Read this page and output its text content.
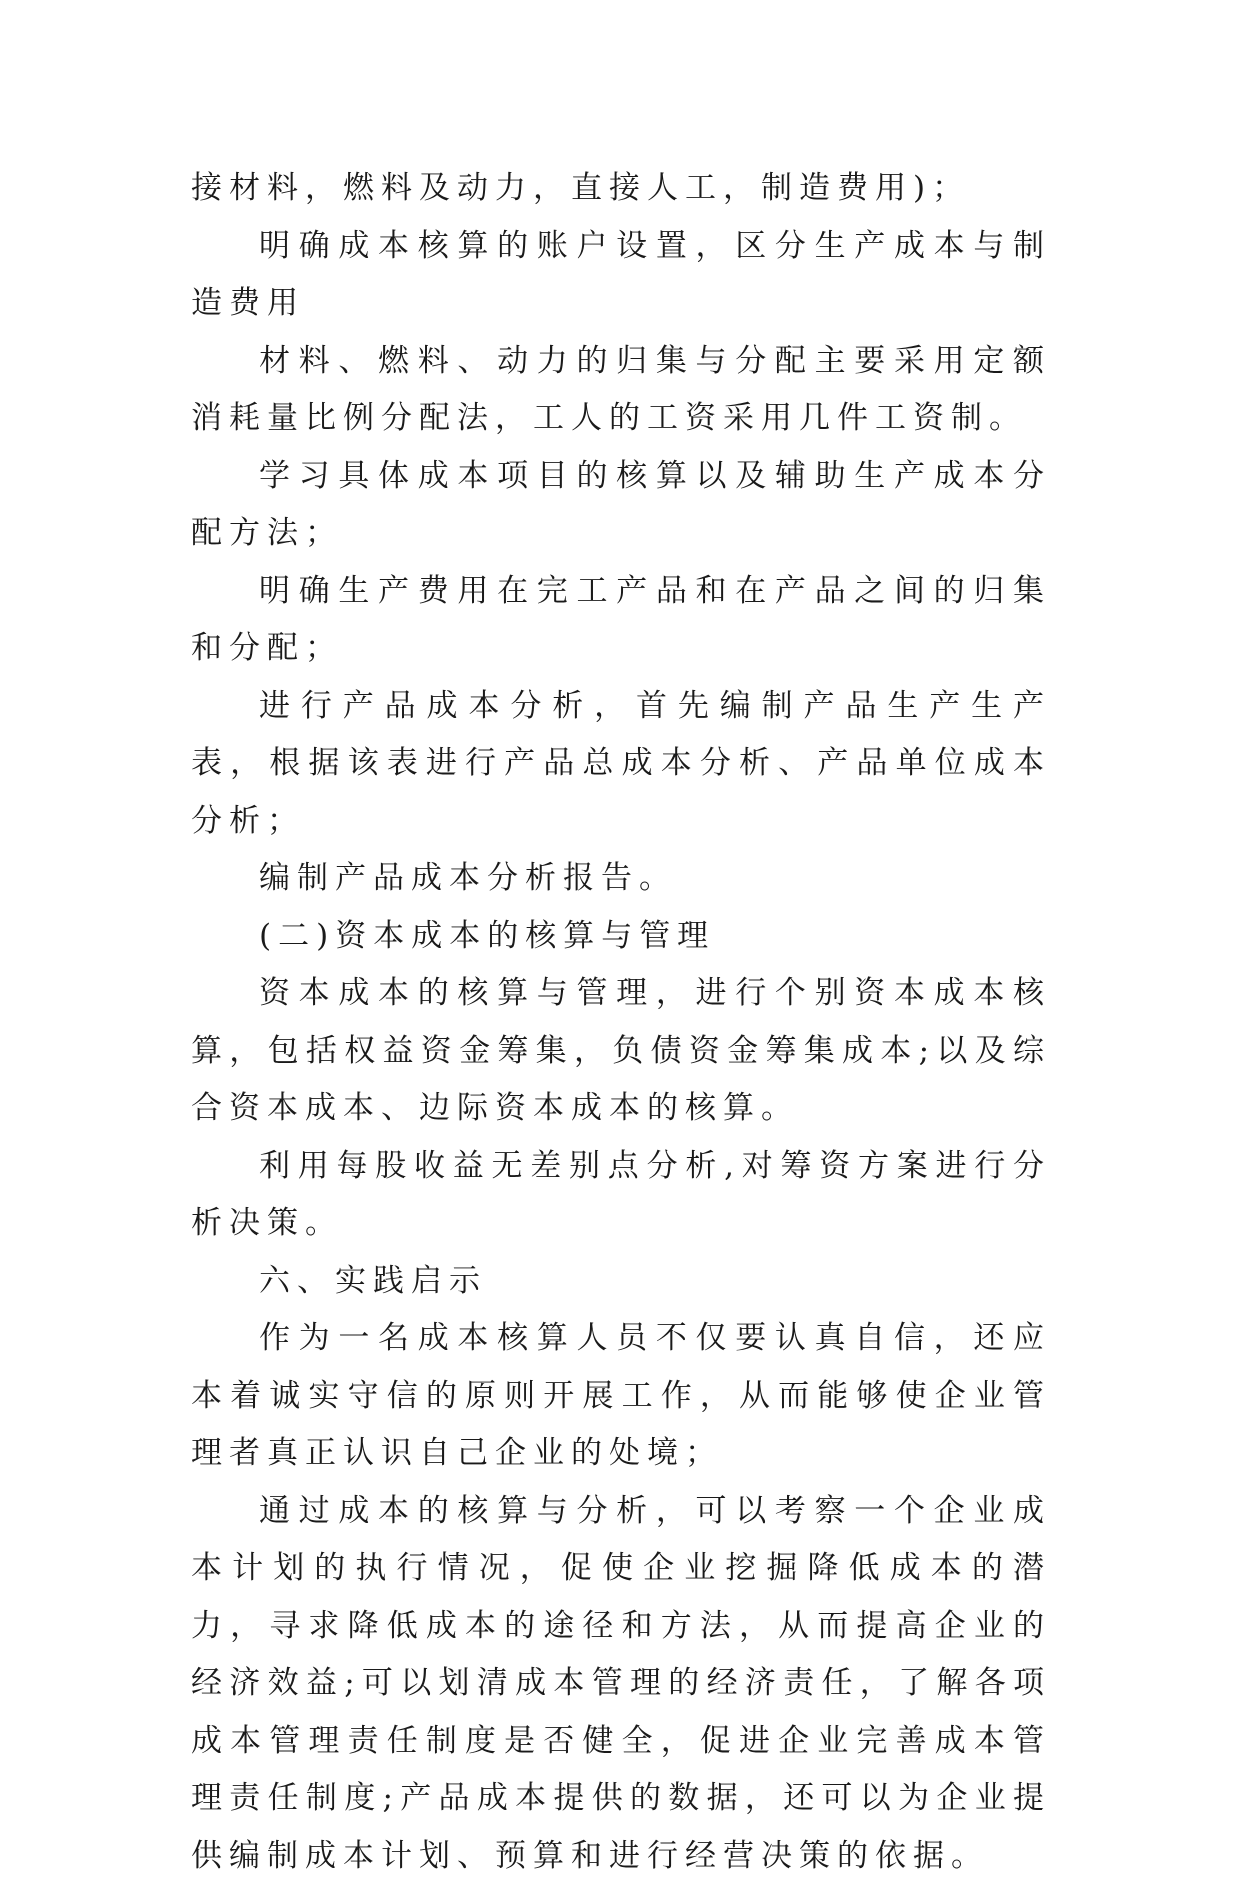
接材料，燃料及动力，直接人工，制造费用)；

明确成本核算的账户设置，区分生产成本与制造费用

材料、燃料、动力的归集与分配主要采用定额消耗量比例分配法，工人的工资采用几件工资制。

学习具体成本项目的核算以及辅助生产成本分配方法；

明确生产费用在完工产品和在产品之间的归集和分配；

进行产品成本分析，首先编制产品生产生产表，根据该表进行产品总成本分析、产品单位成本分析；

编制产品成本分析报告。

(二)资本成本的核算与管理

资本成本的核算与管理，进行个别资本成本核算，包括权益资金筹集，负债资金筹集成本;以及综合资本成本、边际资本成本的核算。

利用每股收益无差别点分析,对筹资方案进行分析决策。

六、实践启示

作为一名成本核算人员不仅要认真自信，还应本着诚实守信的原则开展工作，从而能够使企业管理者真正认识自己企业的处境；

通过成本的核算与分析，可以考察一个企业成本计划的执行情况，促使企业挖掘降低成本的潜力，寻求降低成本的途径和方法，从而提高企业的经济效益;可以划清成本管理的经济责任，了解各项成本管理责任制度是否健全，促进企业完善成本管理责任制度;产品成本提供的数据，还可以为企业提供编制成本计划、预算和进行经营决策的依据。
